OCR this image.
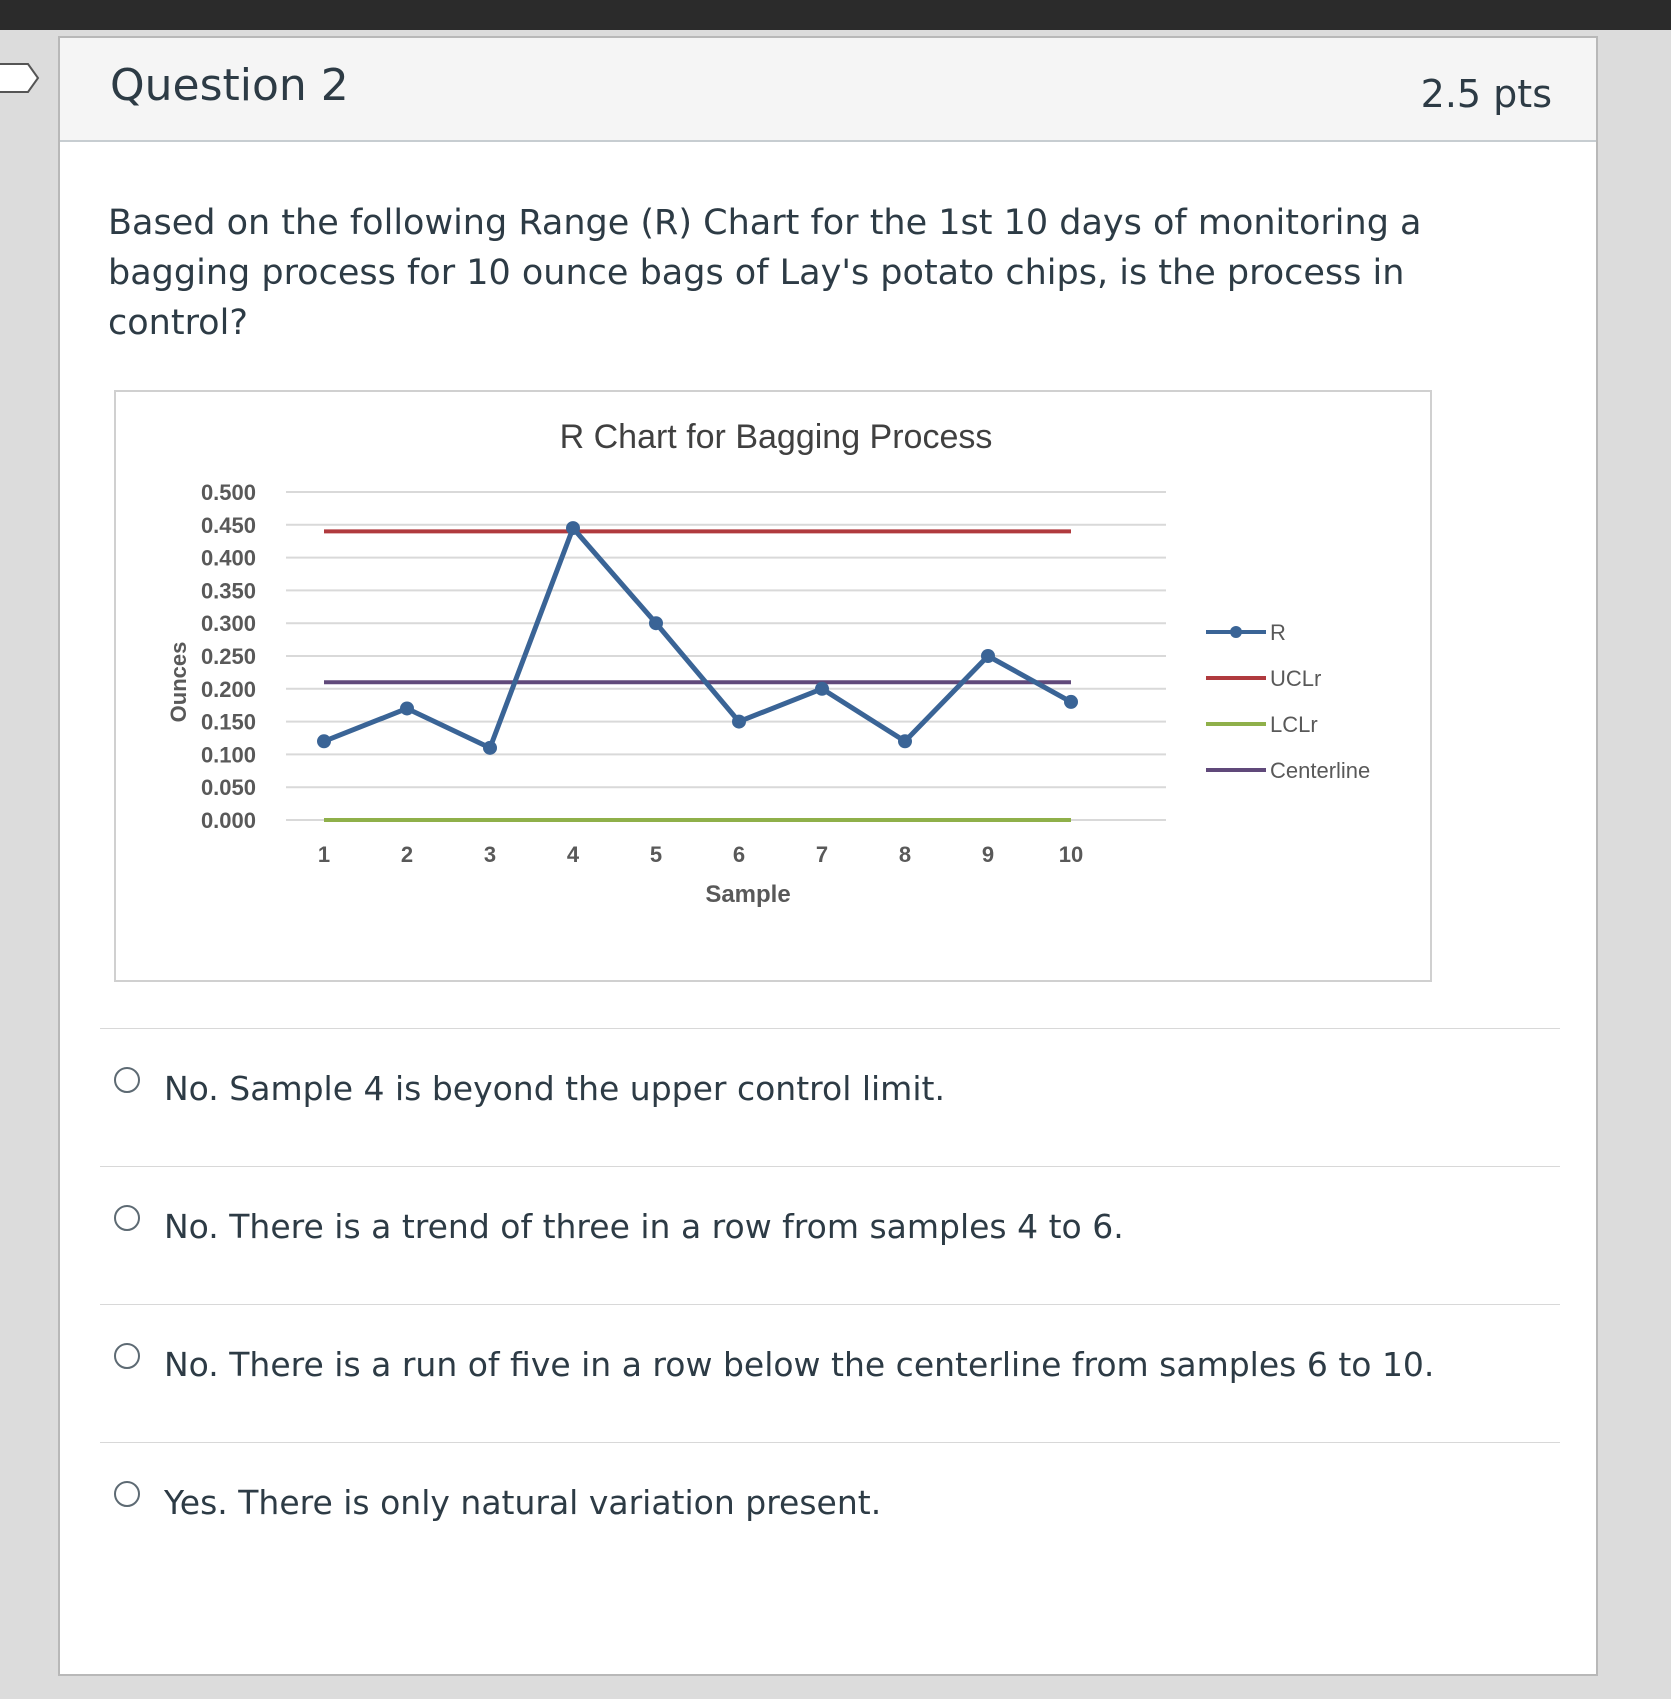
Question 2	2.5 pts
Based on the following Range (R) Chart for the 1st 10 days of monitoring a bagging process for 10 ounce bags of Lay's potato chips, is the process in control?
R Chart for Bagging Process
0.500
0.450
0.400
0.350
0.300
0.250
0.200
0.150
0.100
0.050
0.000
1	2	3	4	5	6	7	8	9	10
Ounces
Sample
R
UCLr
LCLr
Centerline
No. Sample 4 is beyond the upper control limit.
No. There is a trend of three in a row from samples 4 to 6.
No. There is a run of five in a row below the centerline from samples 6 to 10.
Yes. There is only natural variation present.
